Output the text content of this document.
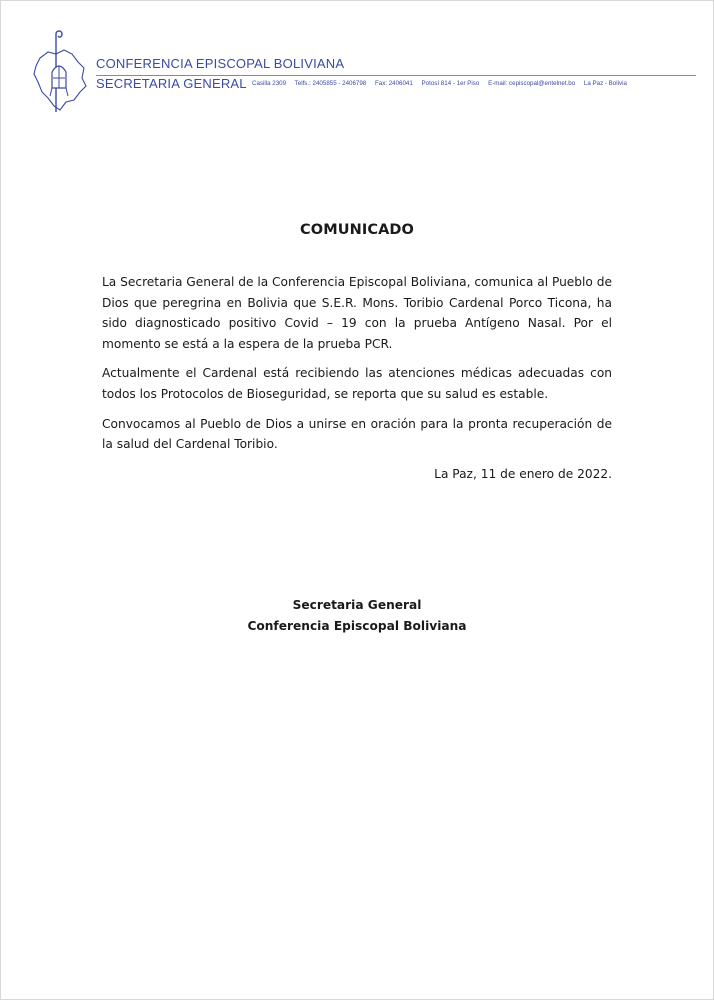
CONFERENCIA EPISCOPAL BOLIVIANA
SECRETARIA GENERAL Casilla 2309 Telfs.: 2405855 - 2406798 Fax: 2406041 Potosí 814 - 1er Piso E-mail: cepiscopal@entelnet.bo La Paz - Bolivia
COMUNICADO

La Secretaria General de la Conferencia Episcopal Boliviana, comunica al Pueblo de Dios que peregrina en Bolivia que S.E.R. Mons. Toribio Cardenal Porco Ticona, ha sido diagnosticado positivo Covid – 19 con la prueba Antígeno Nasal. Por el momento se está a la espera de la prueba PCR.

Actualmente el Cardenal está recibiendo las atenciones médicas adecuadas con todos los Protocolos de Bioseguridad, se reporta que su salud es estable.

Convocamos al Pueblo de Dios a unirse en oración para la pronta recuperación de la salud del Cardenal Toribio.

La Paz, 11 de enero de 2022.

Secretaria General
Conferencia Episcopal Boliviana
